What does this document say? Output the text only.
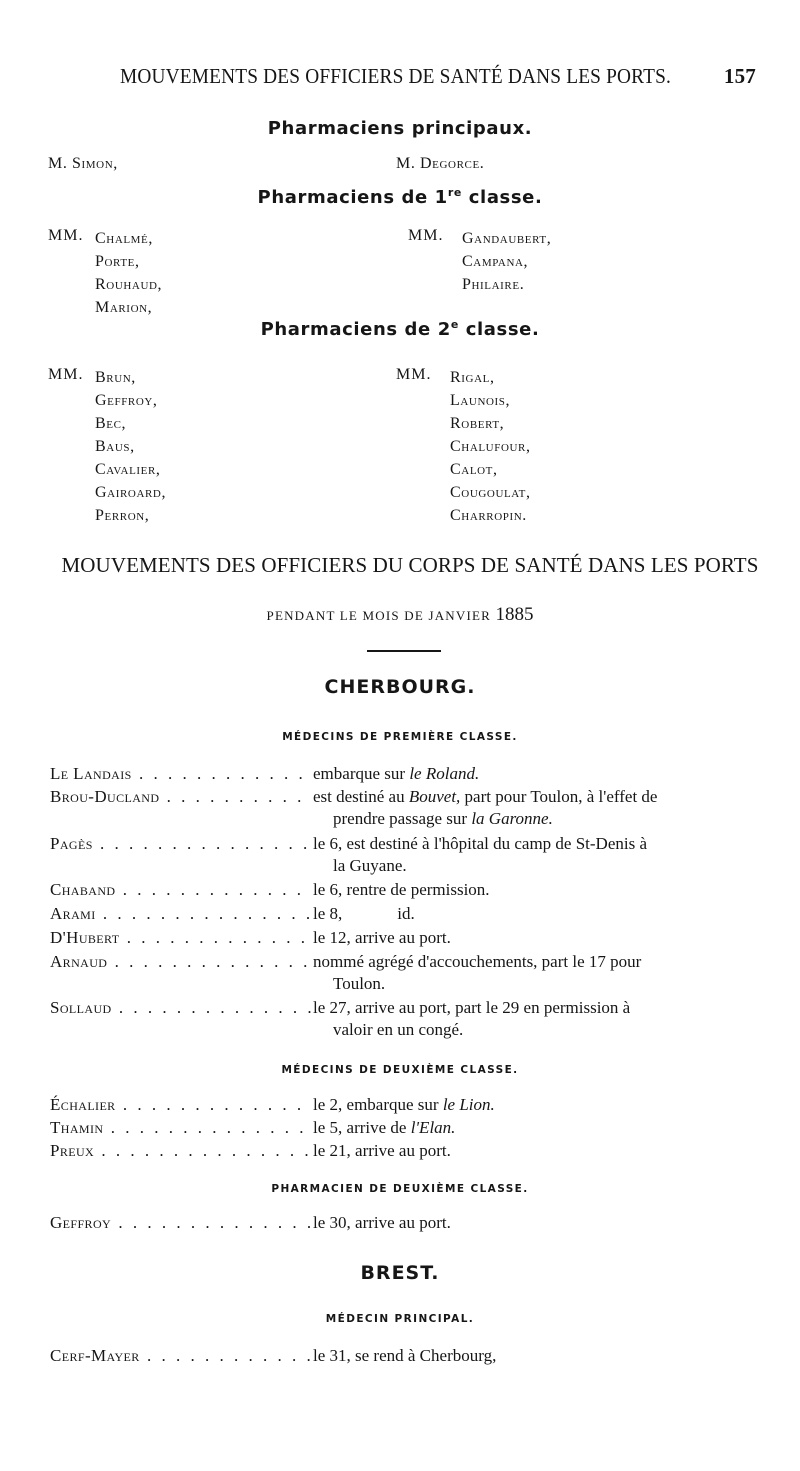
MOUVEMENTS DES OFFICIERS DE SANTÉ DANS LES PORTS.	157
Pharmaciens principaux.
M. Simon,	M. Degorce.
Pharmaciens de 1re classe.
MM. Chalmé,
Porte,
Rouhaud,
Marion,
MM. Gandaubert,
Campana,
Philaire.
Pharmaciens de 2e classe.
MM. Brun,
Geffroy,
Bec,
Baus,
Cavalier,
Gairoard,
Perron,
MM. Rigal,
Launois,
Robert,
Chalufour,
Calot,
Cougoulat,
Charropin.
MOUVEMENTS DES OFFICIERS DU CORPS DE SANTÉ DANS LES PORTS
PENDANT LE MOIS DE JANVIER 1885
CHERBOURG.
MÉDECINS DE PREMIÈRE CLASSE.
Le Landais . . .	embarque sur le Roland.
Brou-Ducland . . .	est destiné au Bouvet, part pour Toulon, à l'effet de
prendre passage sur la Garonne.
Pagès . . .	le 6, est destiné à l'hôpital du camp de St-Denis à
la Guyane.
Chaband . . .	le 6, rentre de permission.
Arami . . .	le 8,	id.
D'Hubert . . .	le 12, arrive au port.
Arnaud . . .	nommé agrégé d'accouchements, part le 17 pour
Toulon.
Sollaud . . .	le 27, arrive au port, part le 29 en permission à
valoir en un congé.
MÉDECINS DE DEUXIÈME CLASSE.
Échalier . . .	le 2, embarque sur le Lion.
Thamin . . .	le 5, arrive de l'Elan.
Preux . . .	le 21, arrive au port.
PHARMACIEN DE DEUXIÈME CLASSE.
Geffroy . . .	le 30, arrive au port.
BREST.
MÉDECIN PRINCIPAL.
Cerf-Mayer . . .	le 31, se rend à Cherbourg,
